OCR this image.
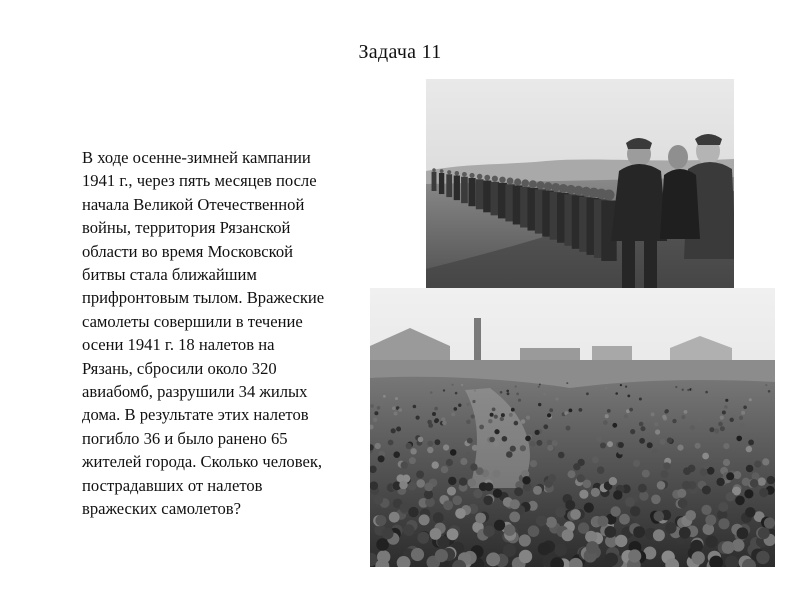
Задача 11
В ходе осенне-зимней кампании
1941 г., через пять месяцев после
начала Великой Отечественной
войны, территория Рязанской
области во время Московской
битвы стала ближайшим
прифронтовым тылом. Вражеские
самолеты совершили в течение
осени 1941 г. 18 налетов на
Рязань, сбросили около 320
авиабомб, разрушили 34 жилых
дома. В результате этих налетов
погибло 36 и было ранено 65
жителей города. Сколько человек,
пострадавших от налетов
вражеских самолетов?
